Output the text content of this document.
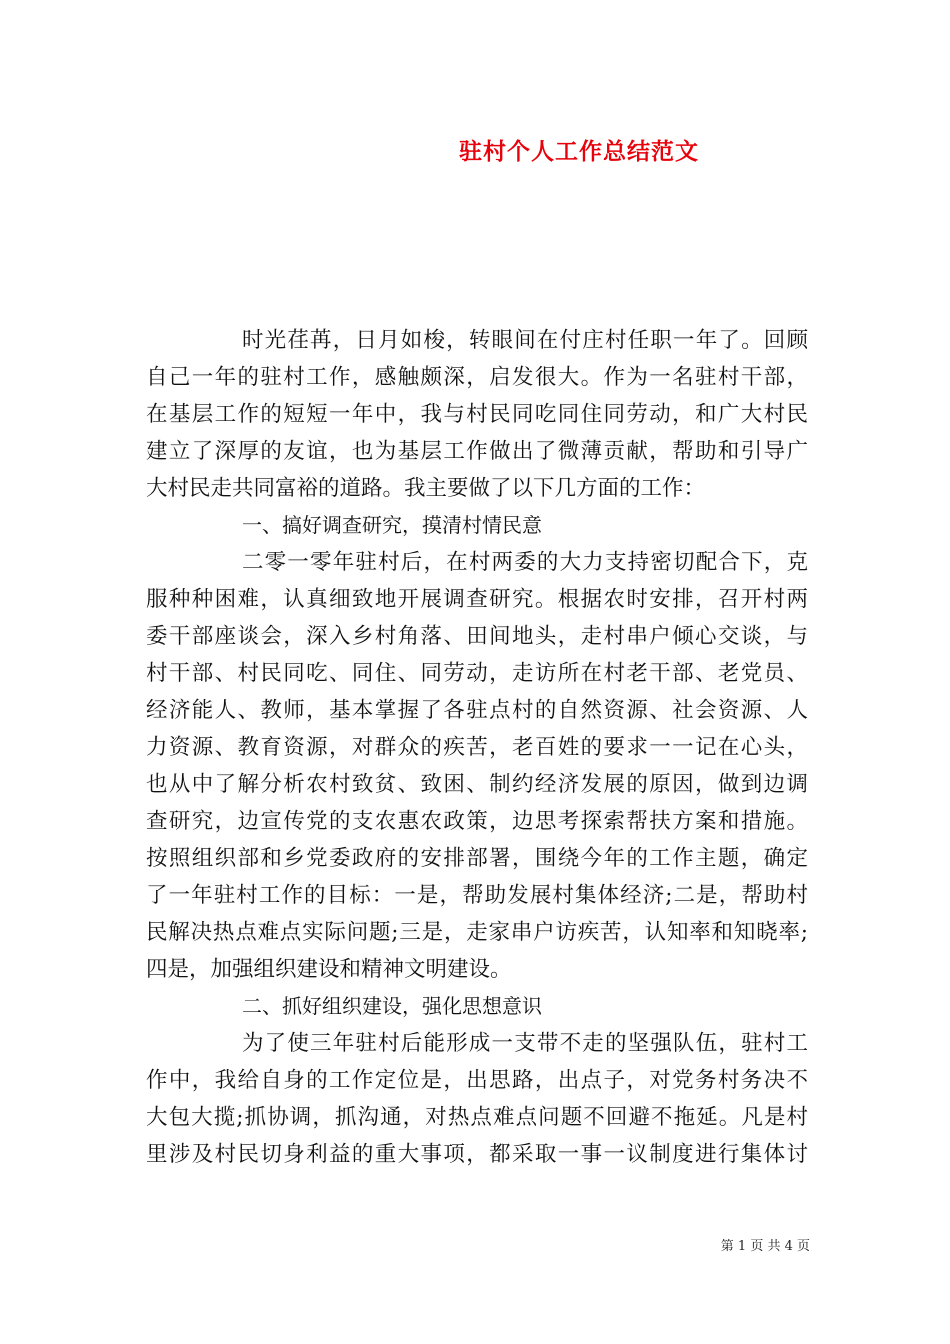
驻村个人工作总结范文
时光荏苒，日月如梭，转眼间在付庄村任职一年了。回顾
自己一年的驻村工作，感触颇深，启发很大。作为一名驻村干部，
在基层工作的短短一年中，我与村民同吃同住同劳动，和广大村民
建立了深厚的友谊，也为基层工作做出了微薄贡献，帮助和引导广
大村民走共同富裕的道路。我主要做了以下几方面的工作：
一、搞好调查研究，摸清村情民意
二零一零年驻村后，在村两委的大力支持密切配合下，克
服种种困难，认真细致地开展调查研究。根据农时安排，召开村两
委干部座谈会，深入乡村角落、田间地头，走村串户倾心交谈，与
村干部、村民同吃、同住、同劳动，走访所在村老干部、老党员、
经济能人、教师，基本掌握了各驻点村的自然资源、社会资源、人
力资源、教育资源，对群众的疾苦，老百姓的要求一一记在心头，
也从中了解分析农村致贫、致困、制约经济发展的原因，做到边调
查研究，边宣传党的支农惠农政策，边思考探索帮扶方案和措施。
按照组织部和乡党委政府的安排部署，围绕今年的工作主题，确定
了一年驻村工作的目标：一是，帮助发展村集体经济;二是，帮助村
民解决热点难点实际问题;三是，走家串户访疾苦，认知率和知晓率;
四是，加强组织建设和精神文明建设。
二、抓好组织建设，强化思想意识
为了使三年驻村后能形成一支带不走的坚强队伍，驻村工
作中，我给自身的工作定位是，出思路，出点子，对党务村务决不
大包大揽;抓协调，抓沟通，对热点难点问题不回避不拖延。凡是村
里涉及村民切身利益的重大事项，都采取一事一议制度进行集体讨
第 1 页 共 4 页
